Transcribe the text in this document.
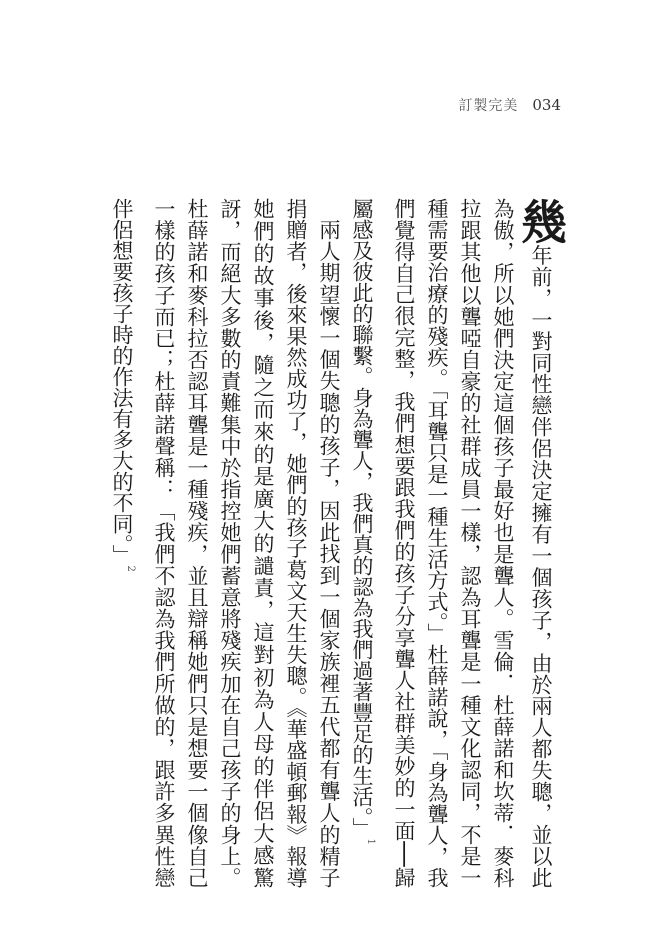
訂製完美 034

幾年前，一對同性戀伴侶決定擁有一個孩子，由於兩人都失聰，並以此為傲，所以她們決定這個孩子最好也是聾人。雪倫．杜薛諾和坎蒂．麥科拉跟其他以聾啞自豪的社群成員一樣，認為耳聾是一種文化認同，不是一種需要治療的殘疾。「耳聾只是一種生活方式。」杜薛諾說，「身為聾人，我們覺得自己很完整，我們想要跟我們的孩子分享聾人社群美妙的一面──歸屬感及彼此的聯繫。身為聾人，我們真的認為我們過著豐足的生活。」$^1$

兩人期望懷一個失聰的孩子，因此找到一個家族裡五代都有聾人的精子捐贈者，後來果然成功了，她們的孩子葛文天生失聰。《華盛頓郵報》報導她們的故事後，隨之而來的是廣大的譴責，這對初為人母的伴侶大感驚訝，而絕大多數的責難集中於指控她們蓄意將殘疾加在自己孩子的身上。杜薛諾和麥科拉否認耳聾是一種殘疾，並且辯稱她們只是想要一個像自己一樣的孩子而已；杜薛諾聲稱：「我們不認為我們所做的，跟許多異性戀伴侶想要孩子時的作法有多大的不同。」$^2$
